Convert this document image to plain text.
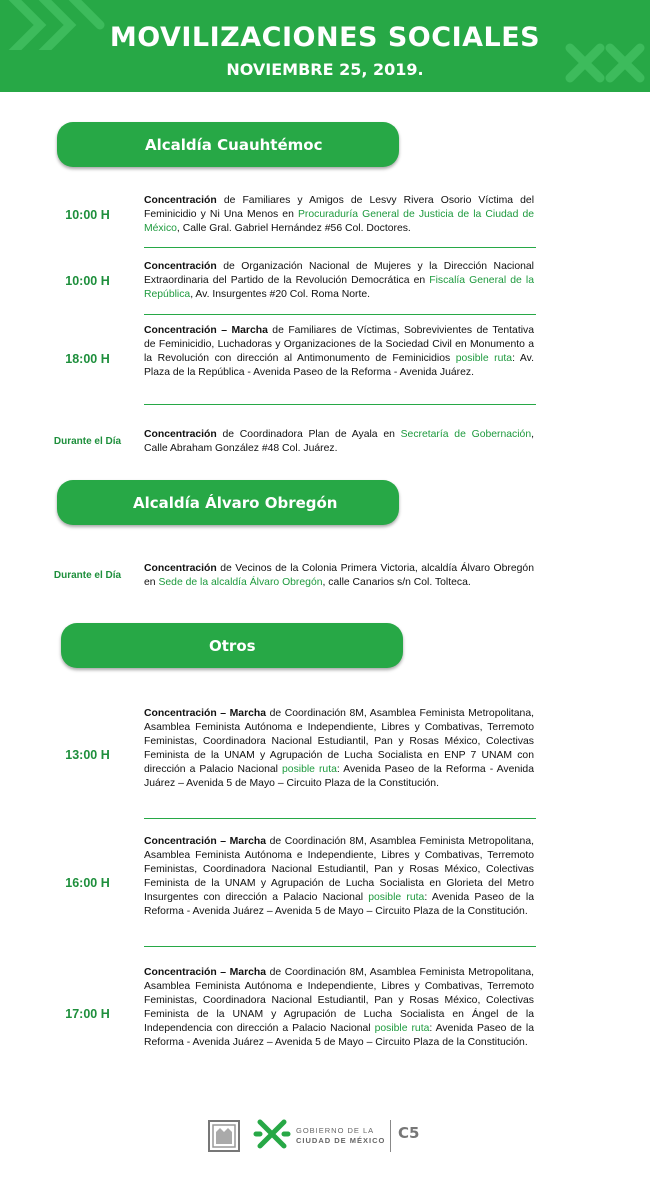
MOVILIZACIONES SOCIALES
NOVIEMBRE 25, 2019.
Alcaldía Cuauhtémoc
10:00 H
Concentración de Familiares y Amigos de Lesvy Rivera Osorio Víctima del Feminicidio y Ni Una Menos en Procuraduría General de Justicia de la Ciudad de México, Calle Gral. Gabriel Hernández #56 Col. Doctores.
10:00 H
Concentración de Organización Nacional de Mujeres y la Dirección Nacional Extraordinaria del Partido de la Revolución Democrática en Fiscalía General de la República, Av. Insurgentes #20 Col. Roma Norte.
18:00 H
Concentración – Marcha de Familiares de Víctimas, Sobrevivientes de Tentativa de Feminicidio, Luchadoras y Organizaciones de la Sociedad Civil en Monumento a la Revolución con dirección al Antimonumento de Feminicidios posible ruta: Av. Plaza de la República - Avenida Paseo de la Reforma - Avenida Juárez.
Durante el Día
Concentración de Coordinadora Plan de Ayala en Secretaría de Gobernación, Calle Abraham González #48 Col. Juárez.
Alcaldía Álvaro Obregón
Durante el Día
Concentración de Vecinos de la Colonia Primera Victoria, alcaldía Álvaro Obregón en Sede de la alcaldía Álvaro Obregón, calle Canarios s/n Col. Tolteca.
Otros
13:00 H
Concentración – Marcha de Coordinación 8M, Asamblea Feminista Metropolitana, Asamblea Feminista Autónoma e Independiente, Libres y Combativas, Terremoto Feministas, Coordinadora Nacional Estudiantil, Pan y Rosas México, Colectivas Feminista de la UNAM y Agrupación de Lucha Socialista en ENP 7 UNAM con dirección a Palacio Nacional posible ruta: Avenida Paseo de la Reforma - Avenida Juárez – Avenida 5 de Mayo – Circuito Plaza de la Constitución.
16:00 H
Concentración – Marcha de Coordinación 8M, Asamblea Feminista Metropolitana, Asamblea Feminista Autónoma e Independiente, Libres y Combativas, Terremoto Feministas, Coordinadora Nacional Estudiantil, Pan y Rosas México, Colectivas Feminista de la UNAM y Agrupación de Lucha Socialista en Glorieta del Metro Insurgentes con dirección a Palacio Nacional posible ruta: Avenida Paseo de la Reforma - Avenida Juárez – Avenida 5 de Mayo – Circuito Plaza de la Constitución.
17:00 H
Concentración – Marcha de Coordinación 8M, Asamblea Feminista Metropolitana, Asamblea Feminista Autónoma e Independiente, Libres y Combativas, Terremoto Feministas, Coordinadora Nacional Estudiantil, Pan y Rosas México, Colectivas Feminista de la UNAM y Agrupación de Lucha Socialista en Ángel de la Independencia con dirección a Palacio Nacional posible ruta: Avenida Paseo de la Reforma - Avenida Juárez – Avenida 5 de Mayo – Circuito Plaza de la Constitución.
GOBIERNO DE LA
CIUDAD DE MÉXICO C5
